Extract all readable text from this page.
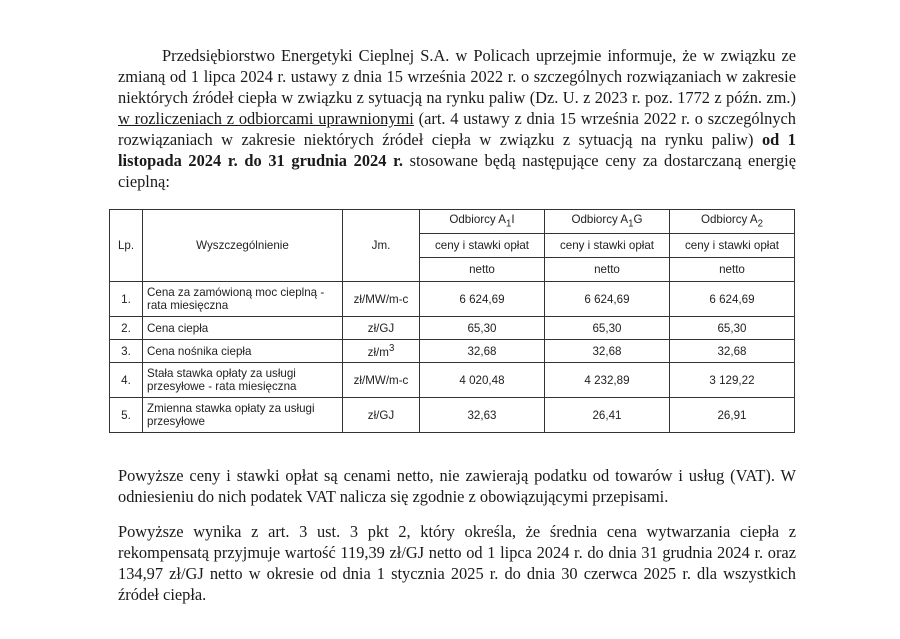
Przedsiębiorstwo Energetyki Cieplnej S.A. w Policach uprzejmie informuje, że w związku ze zmianą od 1 lipca 2024 r. ustawy z dnia 15 września 2022 r. o szczególnych rozwiązaniach w zakresie niektórych źródeł ciepła w związku z sytuacją na rynku paliw (Dz. U. z 2023 r. poz. 1772 z późn. zm.) w rozliczeniach z odbiorcami uprawnionymi (art. 4 ustawy z dnia 15 września 2022 r. o szczególnych rozwiązaniach w zakresie niektórych źródeł ciepła w związku z sytuacją na rynku paliw) od 1 listopada 2024 r. do 31 grudnia 2024 r. stosowane będą następujące ceny za dostarczaną energię cieplną:

Lp.	Wyszczególnienie	Jm.	Odbiorcy $A_1I$	Odbiorcy $A_1G$	Odbiorcy $A_2$
			ceny i stawki opłat	ceny i stawki opłat	ceny i stawki opłat
			netto	netto	netto
1.	Cena za zamówioną moc cieplną - rata miesięczna	zł/MW/m-c	6 624,69	6 624,69	6 624,69
2.	Cena ciepła	zł/GJ	65,30	65,30	65,30
3.	Cena nośnika ciepła	$zł/m^3$	32,68	32,68	32,68
4.	Stała stawka opłaty za usługi przesyłowe - rata miesięczna	zł/MW/m-c	4 020,48	4 232,89	3 129,22
5.	Zmienna stawka opłaty za usługi przesyłowe	zł/GJ	32,63	26,41	26,91

Powyższe ceny i stawki opłat są cenami netto, nie zawierają podatku od towarów i usług (VAT). W odniesieniu do nich podatek VAT nalicza się zgodnie z obowiązującymi przepisami.

Powyższe wynika z art. 3 ust. 3 pkt 2, który określa, że średnia cena wytwarzania ciepła z rekompensatą przyjmuje wartość 119,39 zł/GJ netto od 1 lipca 2024 r. do dnia 31 grudnia 2024 r. oraz 134,97 zł/GJ netto w okresie od dnia 1 stycznia 2025 r. do dnia 30 czerwca 2025 r. dla wszystkich źródeł ciepła.
